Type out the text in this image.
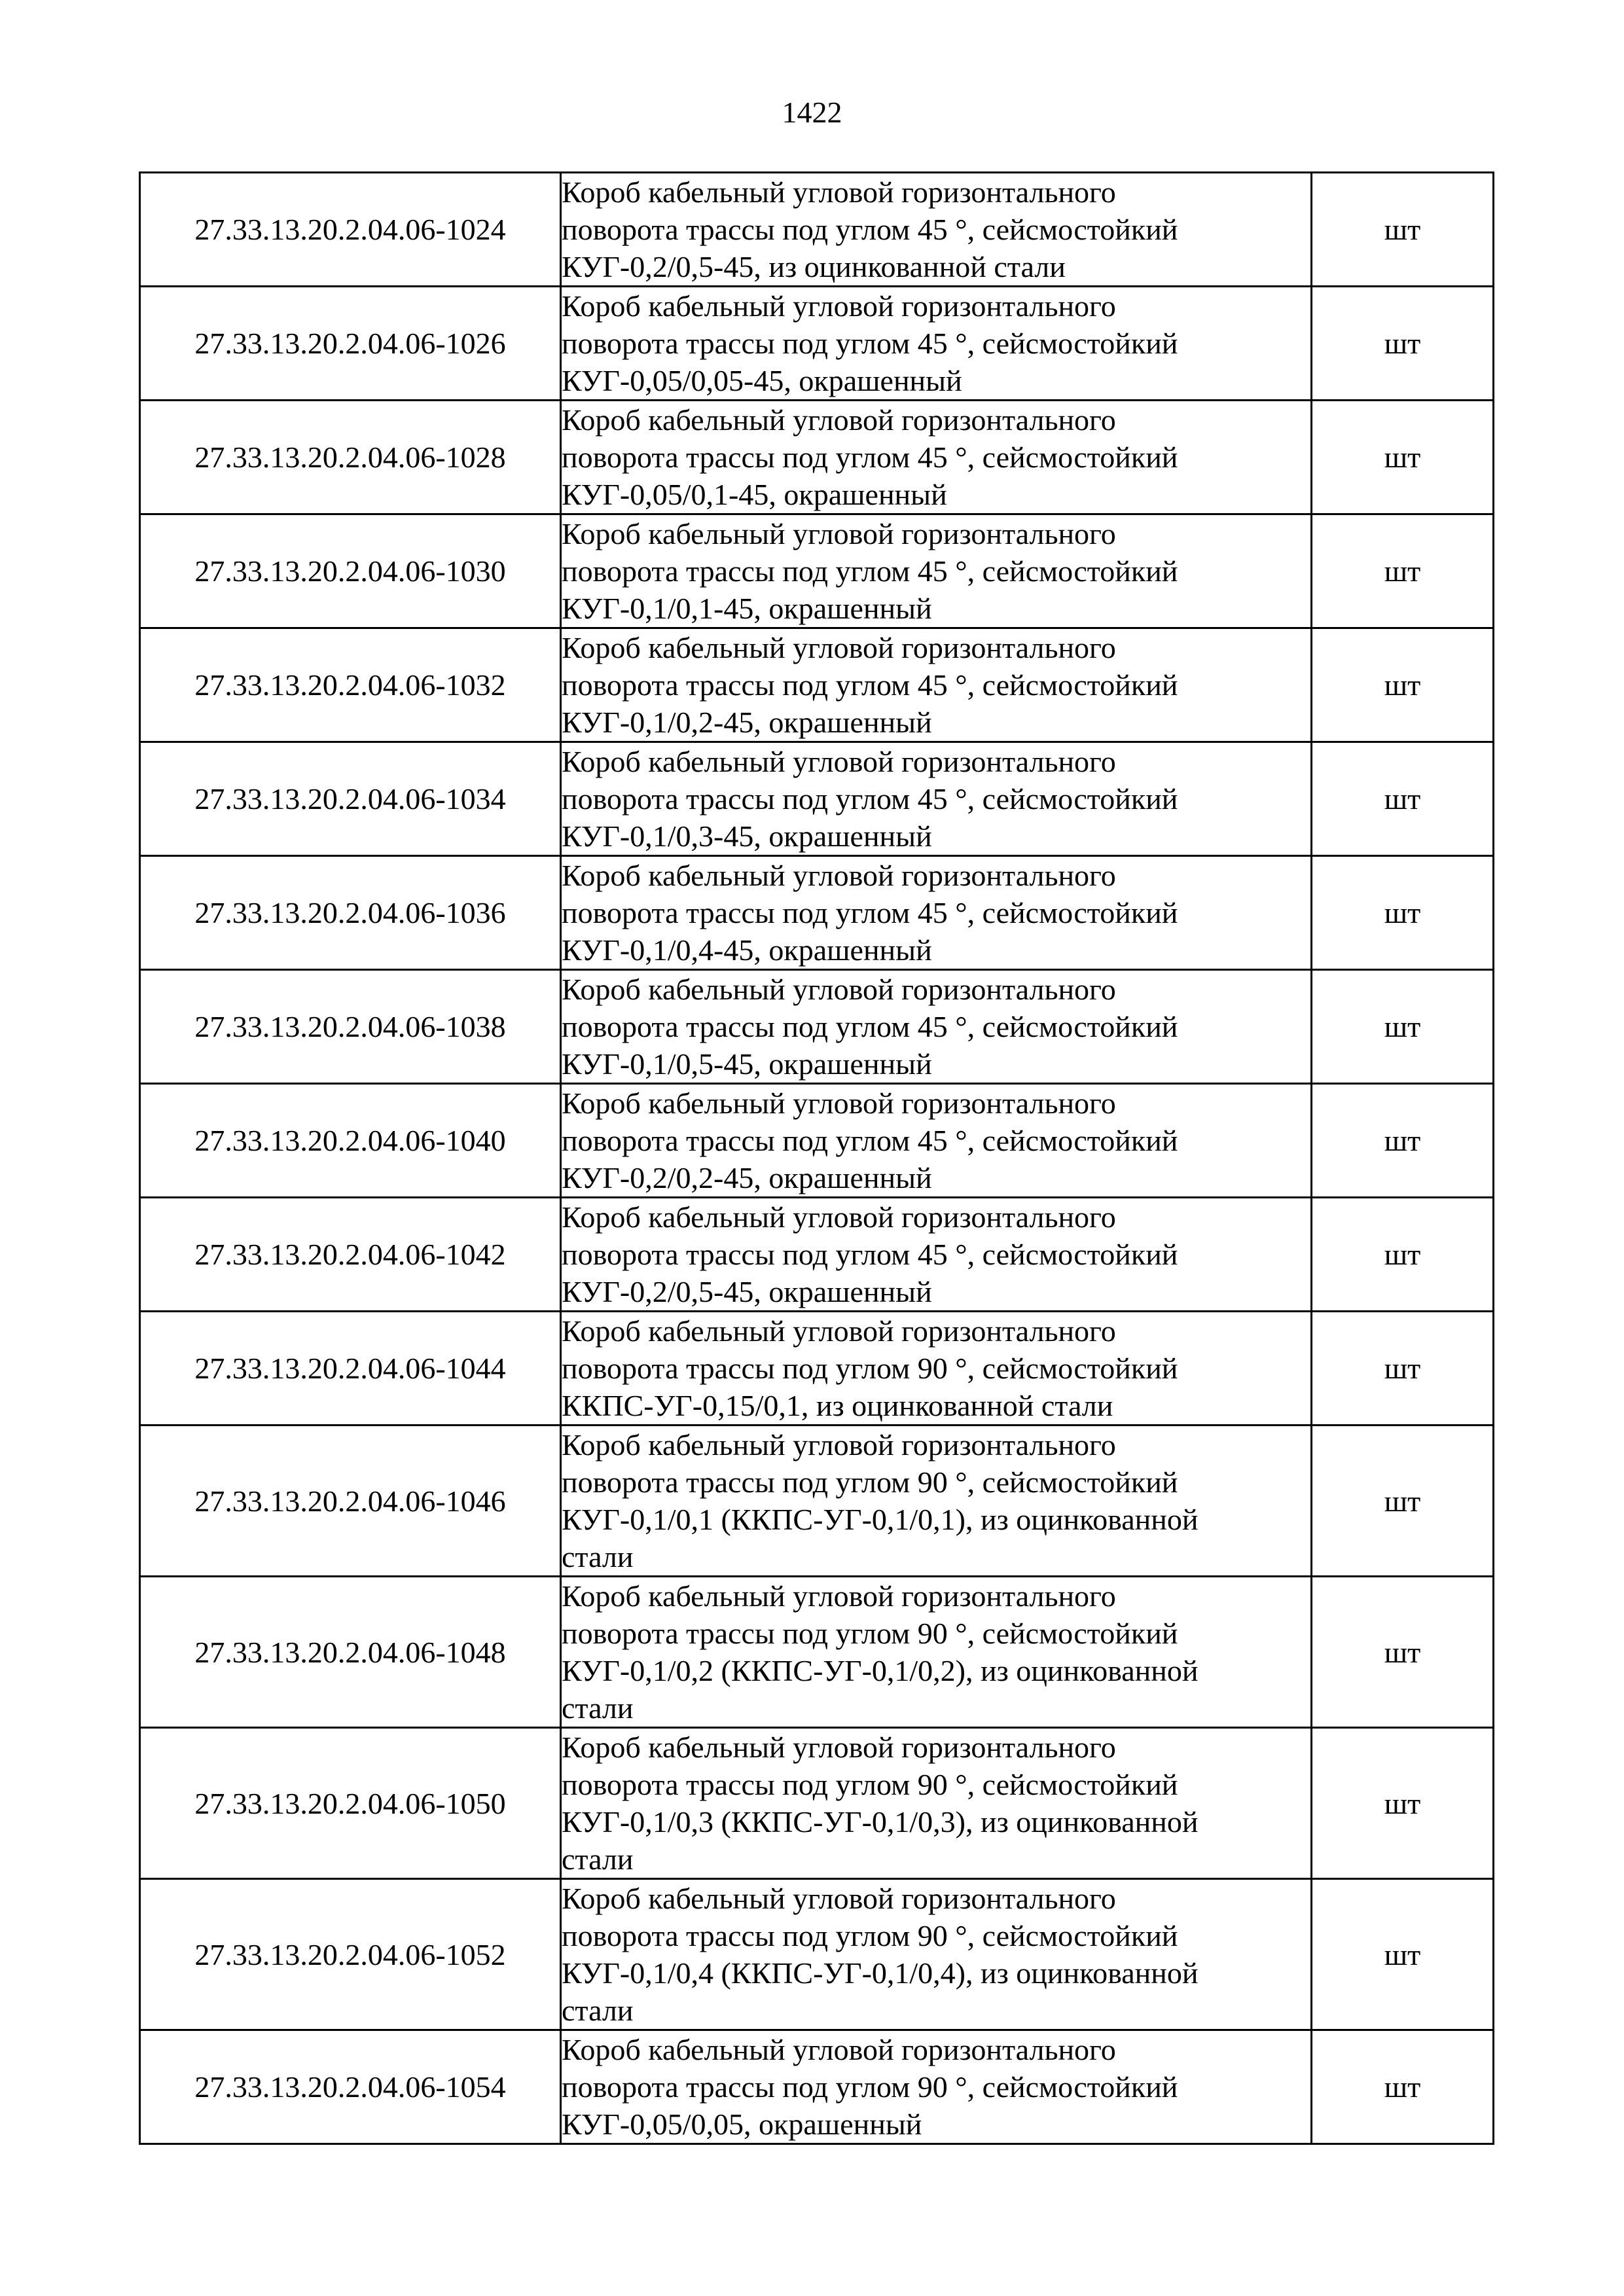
1422
27.33.13.20.2.04.06-1024	Короб кабельный угловой горизонтального
поворота трассы под углом 45 °, сейсмостойкий
КУГ-0,2/0,5-45, из оцинкованной стали	шт
27.33.13.20.2.04.06-1026	Короб кабельный угловой горизонтального
поворота трассы под углом 45 °, сейсмостойкий
КУГ-0,05/0,05-45, окрашенный	шт
27.33.13.20.2.04.06-1028	Короб кабельный угловой горизонтального
поворота трассы под углом 45 °, сейсмостойкий
КУГ-0,05/0,1-45, окрашенный	шт
27.33.13.20.2.04.06-1030	Короб кабельный угловой горизонтального
поворота трассы под углом 45 °, сейсмостойкий
КУГ-0,1/0,1-45, окрашенный	шт
27.33.13.20.2.04.06-1032	Короб кабельный угловой горизонтального
поворота трассы под углом 45 °, сейсмостойкий
КУГ-0,1/0,2-45, окрашенный	шт
27.33.13.20.2.04.06-1034	Короб кабельный угловой горизонтального
поворота трассы под углом 45 °, сейсмостойкий
КУГ-0,1/0,3-45, окрашенный	шт
27.33.13.20.2.04.06-1036	Короб кабельный угловой горизонтального
поворота трассы под углом 45 °, сейсмостойкий
КУГ-0,1/0,4-45, окрашенный	шт
27.33.13.20.2.04.06-1038	Короб кабельный угловой горизонтального
поворота трассы под углом 45 °, сейсмостойкий
КУГ-0,1/0,5-45, окрашенный	шт
27.33.13.20.2.04.06-1040	Короб кабельный угловой горизонтального
поворота трассы под углом 45 °, сейсмостойкий
КУГ-0,2/0,2-45, окрашенный	шт
27.33.13.20.2.04.06-1042	Короб кабельный угловой горизонтального
поворота трассы под углом 45 °, сейсмостойкий
КУГ-0,2/0,5-45, окрашенный	шт
27.33.13.20.2.04.06-1044	Короб кабельный угловой горизонтального
поворота трассы под углом 90 °, сейсмостойкий
ККПС-УГ-0,15/0,1, из оцинкованной стали	шт
27.33.13.20.2.04.06-1046	Короб кабельный угловой горизонтального
поворота трассы под углом 90 °, сейсмостойкий
КУГ-0,1/0,1 (ККПС-УГ-0,1/0,1), из оцинкованной
стали	шт
27.33.13.20.2.04.06-1048	Короб кабельный угловой горизонтального
поворота трассы под углом 90 °, сейсмостойкий
КУГ-0,1/0,2 (ККПС-УГ-0,1/0,2), из оцинкованной
стали	шт
27.33.13.20.2.04.06-1050	Короб кабельный угловой горизонтального
поворота трассы под углом 90 °, сейсмостойкий
КУГ-0,1/0,3 (ККПС-УГ-0,1/0,3), из оцинкованной
стали	шт
27.33.13.20.2.04.06-1052	Короб кабельный угловой горизонтального
поворота трассы под углом 90 °, сейсмостойкий
КУГ-0,1/0,4 (ККПС-УГ-0,1/0,4), из оцинкованной
стали	шт
27.33.13.20.2.04.06-1054	Короб кабельный угловой горизонтального
поворота трассы под углом 90 °, сейсмостойкий
КУГ-0,05/0,05, окрашенный	шт
